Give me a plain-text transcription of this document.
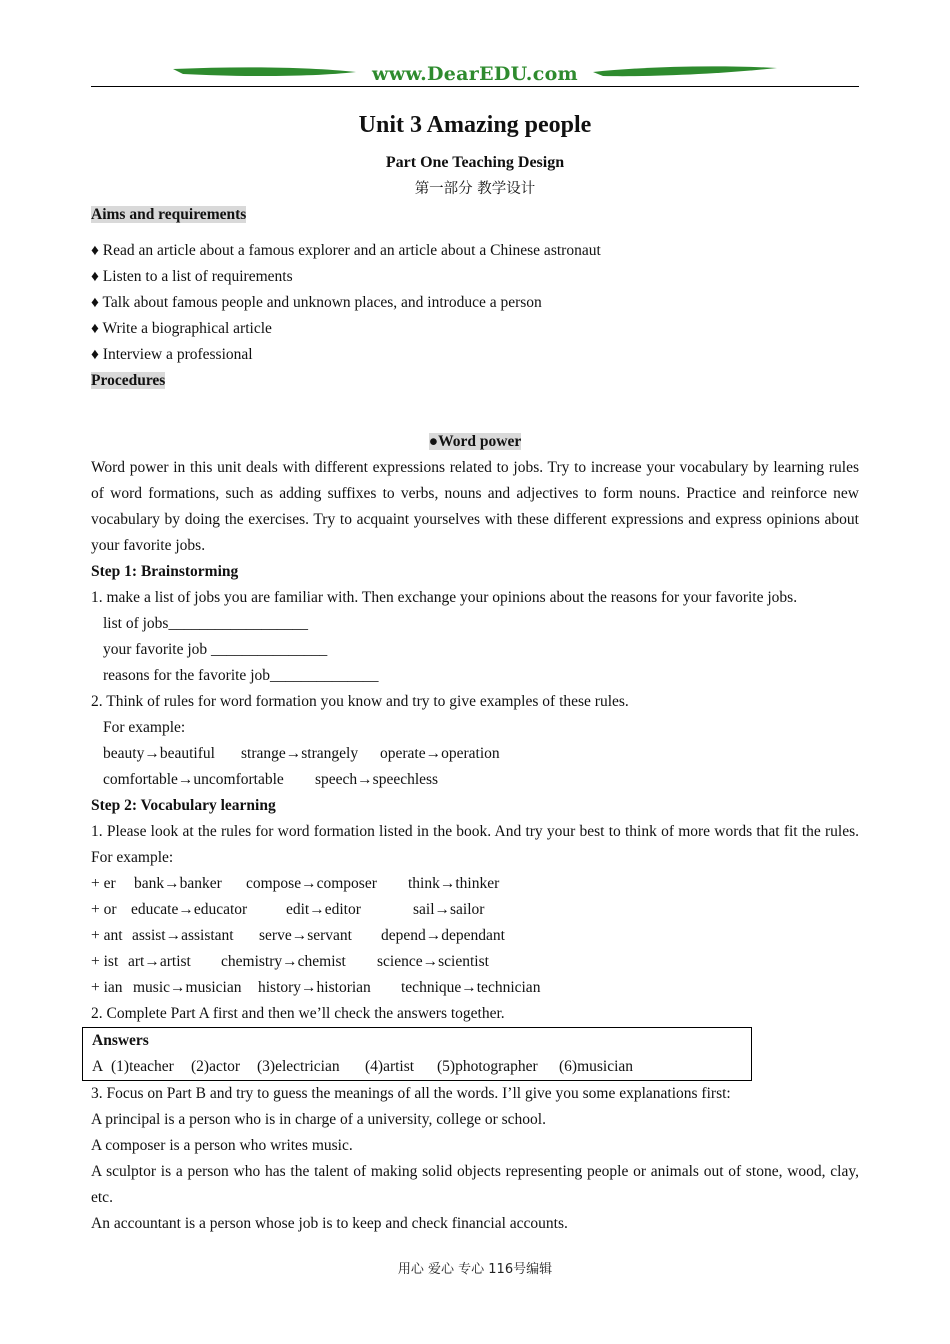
www.DearEDU.com
Unit 3 Amazing people
Part One Teaching Design
第一部分 教学设计
Aims and requirements
♦ Read an article about a famous explorer and an article about a Chinese astronaut
♦ Listen to a list of requirements
♦ Talk about famous people and unknown places, and introduce a person
♦ Write a biographical article
♦ Interview a professional
Procedures
●Word power
Word power in this unit deals with different expressions related to jobs. Try to increase your vocabulary by learning rules of word formations, such as adding suffixes to verbs, nouns and adjectives to form nouns. Practice and reinforce new vocabulary by doing the exercises. Try to acquaint yourselves with these different expressions and express opinions about your favorite jobs.
Step 1: Brainstorming
1. make a list of jobs you are familiar with. Then exchange your opinions about the reasons for your favorite jobs.
list of jobs__________________
your favorite job _______________
reasons for the favorite job______________
2. Think of rules for word formation you know and try to give examples of these rules.
For example:
beauty→beautiful strange→strangely operate→operation
comfortable→uncomfortable speech→speechless
Step 2: Vocabulary learning
1. Please look at the rules for word formation listed in the book. And try your best to think of more words that fit the rules. For example:
+ er bank→banker compose→composer think→thinker
+ or educate→educator	edit→editor	sail→sailor
+ ant assist→assistant serve→servant depend→dependant
+ ist art→artist chemistry→chemist science→scientist
+ ian music→musician history→historian technique→technician
2. Complete Part A first and then we’ll check the answers together.
Answers
A (1)teacher (2)actor (3)electrician (4)artist (5)photographer (6)musician
3. Focus on Part B and try to guess the meanings of all the words. I’ll give you some explanations first:
A principal is a person who is in charge of a university, college or school.
A composer is a person who writes music.
A sculptor is a person who has the talent of making solid objects representing people or animals out of stone, wood, clay, etc.
An accountant is a person whose job is to keep and check financial accounts.
用心 爱心 专心 116号编辑
